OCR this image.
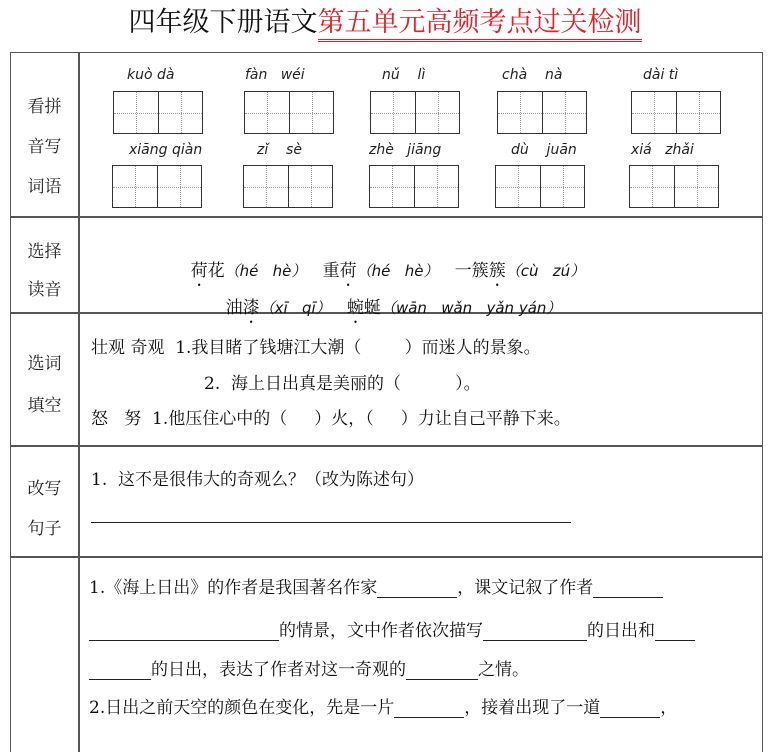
四年级下册语文第五单元高频考点过关检测
看拼
音写
词语
kuò dà	fàn   wéi	nǔ    lì	chà    nà	dài tì
xiāng qiàn	zǐ    sè	zhè   jiāng	dù    juān	xiá   zhǎi
选择
读音

荷花（hé   hè） 重荷（hé   hè） 一簇簇（cù   zú）

油漆（xī   qī） 蜿蜒（wān   wǎn   yǎn yán）

选词
填空
壮观 奇观  1.我目睹了钱塘江大潮（        ）而迷人的景象。
2.  海上日出真是美丽的（          ）。
怒   努  1.他压住心中的（     ）火，（     ）力让自己平静下来。
改写
句子
1.  这不是很伟大的奇观么？（改为陈述句）
1.《海上日出》的作者是我国著名作家	，课文记叙了作者
的情景，文中作者依次描写	的日出和
的日出，表达了作者对这一奇观的	之情。
2.日出之前天空的颜色在变化，先是一片	，接着出现了一道	，
